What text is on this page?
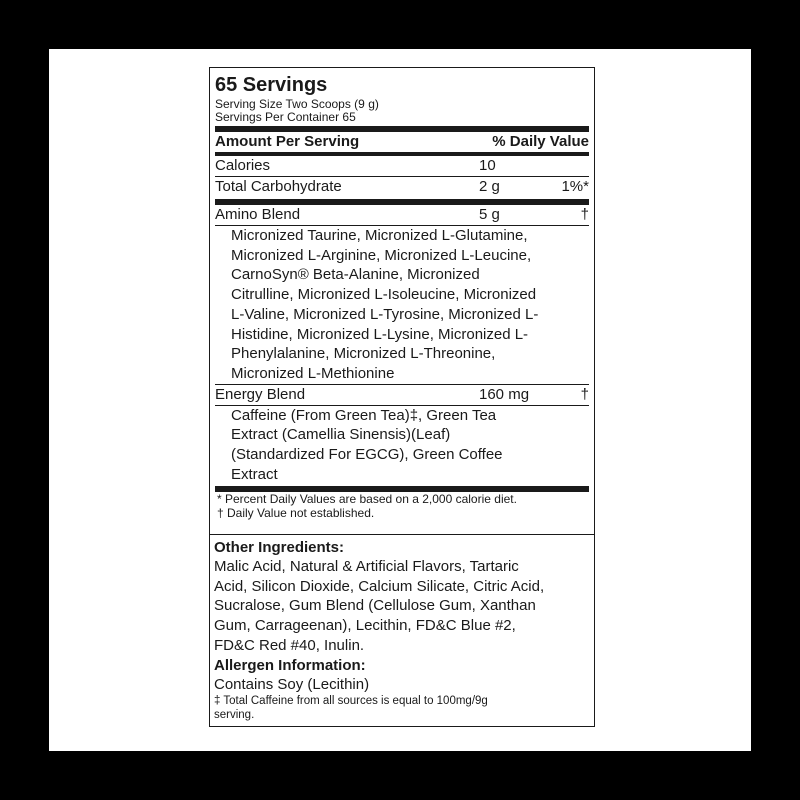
65 Servings
Serving Size Two Scoops (9 g)
Servings Per Container 65
Amount Per Serving	% Daily Value
Calories	10
Total Carbohydrate	2 g	1%*
Amino Blend	5 g	†
Micronized Taurine, Micronized L-Glutamine,
Micronized L-Arginine, Micronized L-Leucine,
CarnoSyn® Beta-Alanine, Micronized
Citrulline, Micronized L-Isoleucine, Micronized
L-Valine, Micronized L-Tyrosine, Micronized L-
Histidine, Micronized L-Lysine, Micronized L-
Phenylalanine, Micronized L-Threonine,
Micronized L-Methionine
Energy Blend	160 mg	†
Caffeine (From Green Tea)‡, Green Tea
Extract (Camellia Sinensis)(Leaf)
(Standardized For EGCG), Green Coffee
Extract
* Percent Daily Values are based on a 2,000 calorie diet.
† Daily Value not established.
Other Ingredients:
Malic Acid, Natural & Artificial Flavors, Tartaric
Acid, Silicon Dioxide, Calcium Silicate, Citric Acid,
Sucralose, Gum Blend (Cellulose Gum, Xanthan
Gum, Carrageenan), Lecithin, FD&C Blue #2,
FD&C Red #40, Inulin.
Allergen Information:
Contains Soy (Lecithin)
‡ Total Caffeine from all sources is equal to 100mg/9g
serving.
